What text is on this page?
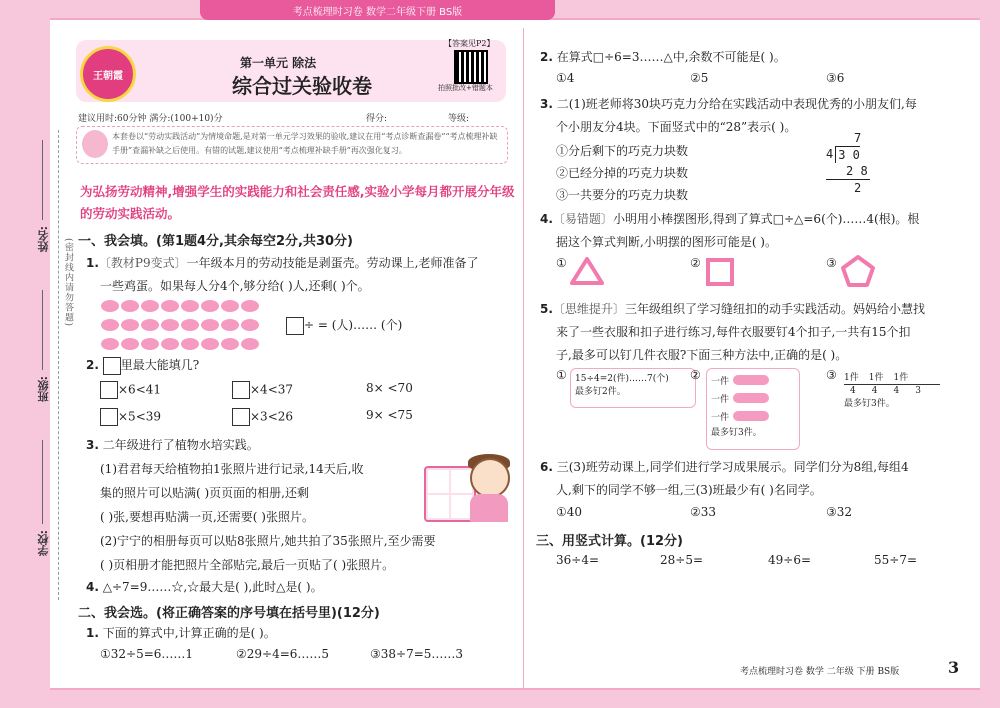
考点梳理时习卷 数学二年级下册 BS版
姓名:
班级:
学校:
(密封线内请勿答题)
王朝霞
第一单元 除法
综合过关验收卷
【答案见P2】
拍照批改+错题本
建议用时:60分钟 满分:(100+10)分	得分:	等级:
本套卷以“劳动实践活动”为情境命题,是对第一单元学习效果的验收,建议在用“考点诊断查漏卷”“考点梳理补缺手册”查漏补缺之后使用。有错的试题,建议使用“考点梳理补缺手册”再次强化复习。
为弘扬劳动精神,增强学生的实践能力和社会责任感,实验小学每月都开展分年级的劳动实践活动。
一、我会填。(第1题4分,其余每空2分,共30分)
1.〔教材P9变式〕一年级本月的劳动技能是剥蛋壳。劳动课上,老师准备了
一些鸡蛋。如果每人分4个,够分给( )人,还剩( )个。

÷ = (人)…… (个)
2. 里最大能填几?
×6<41	×4<37	8× <70
×5<39	×3<26	9× <75
3. 二年级进行了植物水培实践。
(1)君君每天给植物拍1张照片进行记录,14天后,收
集的照片可以贴满( )页页面的相册,还剩
( )张,要想再贴满一页,还需要( )张照片。
(2)宁宁的相册每页可以贴8张照片,她共拍了35张照片,至少需要
( )页相册才能把照片全部贴完,最后一页贴了( )张照片。
4. △÷7=9……☆,☆最大是( ),此时△是( )。
二、我会选。(将正确答案的序号填在括号里)(12分)
1. 下面的算式中,计算正确的是( )。
①32÷5=6……1	②29÷4=6……5	③38÷7=5……3
2. 在算式□÷6=3……△中,余数不可能是( )。
①4	②5	③6
3. 二(1)班老师将30块巧克力分给在实践活动中表现优秀的小朋友们,每
个小朋友分4块。下面竖式中的“28”表示( )。
①分后剩下的巧克力块数
②已经分掉的巧克力块数
③一共要分的巧克力块数
7
4 3 0
2 8
2
4.〔易错题〕小明用小棒摆图形,得到了算式□÷△=6(个)……4(根)。根
据这个算式判断,小明摆的图形可能是( )。
①	②	③
5.〔思维提升〕三年级组织了学习缝纽扣的动手实践活动。妈妈给小慧找
来了一些衣服和扣子进行练习,每件衣服要钉4个扣子,一共有15个扣
子,最多可以钉几件衣服?下面三种方法中,正确的是( )。
① 15÷4=2(件)……7(个)
最多钉2件。
② 一件
一件
一件
最多钉3件。
③ 1件 1件 1件
4 4 4 3
最多钉3件。
6. 三(3)班劳动课上,同学们进行学习成果展示。同学们分为8组,每组4
人,剩下的同学不够一组,三(3)班最少有( )名同学。
①40	②33	③32
三、用竖式计算。(12分)
36÷4=	28÷5=	49÷6=	55÷7=
考点梳理时习卷 数学 二年级 下册 BS版	3
